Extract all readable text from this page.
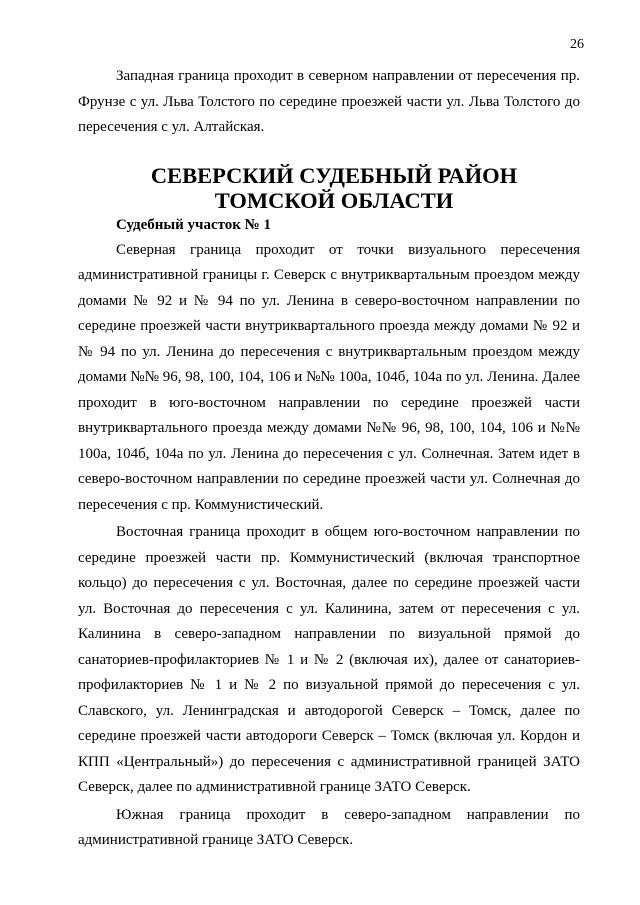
26

Западная граница проходит в северном направлении от пересечения пр. Фрунзе с ул. Льва Толстого по середине проезжей части ул. Льва Толстого до пересечения с ул. Алтайская.

СЕВЕРСКИЙ СУДЕБНЫЙ РАЙОН ТОМСКОЙ ОБЛАСТИ
Судебный участок № 1

Северная граница проходит от точки визуального пересечения административной границы г. Северск с внутриквартальным проездом между домами № 92 и № 94 по ул. Ленина в северо-восточном направлении по середине проезжей части внутриквартального проезда между домами № 92 и № 94 по ул. Ленина до пересечения с внутриквартальным проездом между домами №№ 96, 98, 100, 104, 106 и №№ 100а, 104б, 104а по ул. Ленина. Далее проходит в юго-восточном направлении по середине проезжей части внутриквартального проезда между домами №№ 96, 98, 100, 104, 106 и №№ 100а, 104б, 104а по ул. Ленина до пересечения с ул. Солнечная. Затем идет в северо-восточном направлении по середине проезжей части ул. Солнечная до пересечения с пр. Коммунистический.

Восточная граница проходит в общем юго-восточном направлении по середине проезжей части пр. Коммунистический (включая транспортное кольцо) до пересечения с ул. Восточная, далее по середине проезжей части ул. Восточная до пересечения с ул. Калинина, затем от пересечения с ул. Калинина в северо-западном направлении по визуальной прямой до санаториев-профилакториев № 1 и № 2 (включая их), далее от санаториев-профилакториев № 1 и № 2 по визуальной прямой до пересечения с ул. Славского, ул. Ленинградская и автодорогой Северск – Томск, далее по середине проезжей части автодороги Северск – Томск (включая ул. Кордон и КПП «Центральный») до пересечения с административной границей ЗАТО Северск, далее по административной границе ЗАТО Северск.

Южная граница проходит в северо-западном направлении по административной границе ЗАТО Северск.
